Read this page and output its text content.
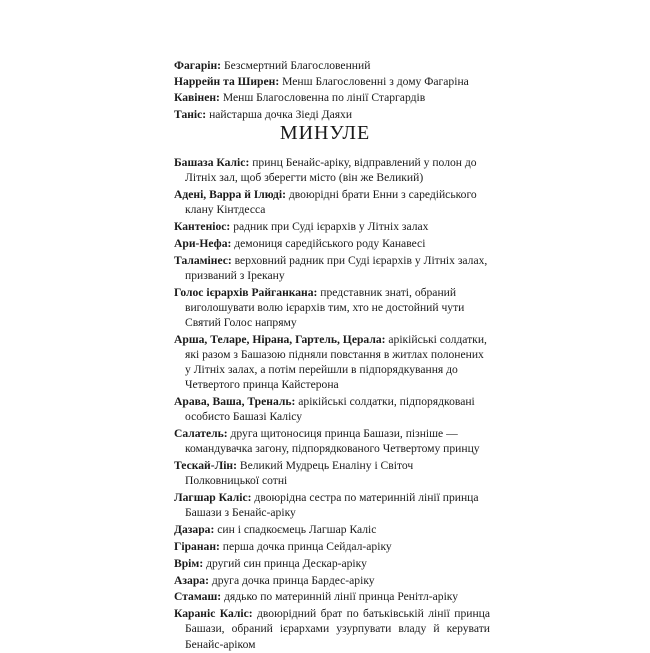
Фагарін: Безсмертний Благословенний

Наррейн та Ширен: Менш Благословенні з дому Фагаріна

Кавінен: Менш Благословенна по лінії Старгардів

Таніс: найстарша дочка Зіеді Даяхи

МИНУЛЕ

Башаза Каліс: принц Бенайс-аріку, відправлений у полон до Літніх зал, щоб зберегти місто (він же Великий)

Адені, Варра й Ілюді: двоюрідні брати Енни з саредійського клану Кінтдесса

Кантеніос: радник при Суді ієрархів у Літніх залах

Ари-Нефа: демониця саредійського роду Канавесі

Таламінес: верховний радник при Суді ієрархів у Літніх залах, призваний з Ірекану

Голос ієрархів Райганкана: представник знаті, обраний виголошувати волю ієрархів тим, хто не достойний чути Святий Голос напряму

Арша, Теларе, Нірана, Гартель, Церала: арікійські солдатки, які разом з Башазою підняли повстання в житлах полонених у Літніх залах, а потім перейшли в підпорядкування до Четвертого принца Кайстерона

Арава, Ваша, Треналь: арікійські солдатки, підпорядковані особисто Башазі Калісу

Салатель: друга щитоносиця принца Башази, пізніше — командувачка загону, підпорядкованого Четвертому принцу

Тескай-Лін: Великий Мудрець Еналіну і Світоч Полковницької сотні

Лагшар Каліс: двоюрідна сестра по материнній лінії принца Башази з Бенайс-аріку

Дазара: син і спадкоємець Лагшар Каліс

Гіранан: перша дочка принца Сейдал-аріку

Врім: другий син принца Дескар-аріку

Азара: друга дочка принца Бардес-аріку

Стамаш: дядько по материнній лінії принца Ренітл-аріку

Караніс Каліс: двоюрідний брат по батьківській лінії принца Башази, обраний ієрархами узурпувати владу й керувати Бенайс-аріком
